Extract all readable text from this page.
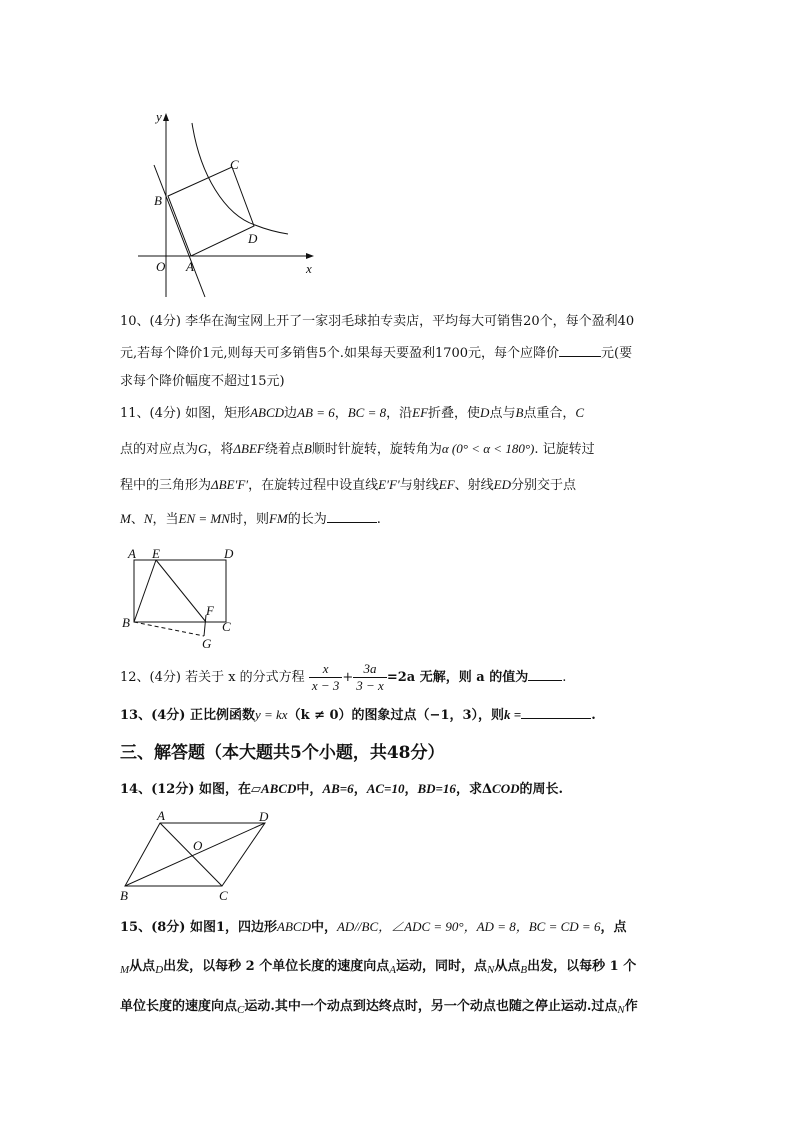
y
x
O A
B
C
D
10、(4分) 李华在淘宝网上开了一家羽毛球拍专卖店，平均每大可销售20个，每个盈利40
元,若每个降价1元,则每天可多销售5个.如果每天要盈利1700元，每个应降价	元(要
求每个降价幅度不超过15元)
11、(4分) 如图，矩形ABCD边AB = 6，BC = 8，沿EF折叠，使D点与B点重合，C
点的对应点为G，将ΔBEF绕着点B顺时针旋转，旋转角为α (0° < α < 180°). 记旋转过
程中的三角形为ΔBE′F′，在旋转过程中设直线E′F′与射线EF、射线ED分别交于点
M、N，当EN = MN时，则FM的长为	.
A E	D
B
F
C
G
12、(4分) 若关于 x 的分式方程 $\frac{x}{x - 3} + \frac{3a}{3 - x} =2a$ 无解，则 a 的值为	.
13、(4分) 正比例函数y = kx（k ≠ 0）的图象过点（−1，3），则k =	.
三、解答题（本大题共5个小题，共48分）
14、(12分) 如图，在▱ABCD中，AB=6，AC=10，BD=16，求ΔCOD的周长.
A	D
O
B	C
15、(8分) 如图1，四边形ABCD中，AD//BC，∠ADC = 90°，AD = 8，BC = CD = 6，点
$_M$从点$_D$出发，以每秒 2 个单位长度的速度向点$_A$运动，同时，点$_N$从点$_B$出发，以每秒 1 个
单位长度的速度向点$_C$运动.其中一个动点到达终点时，另一个动点也随之停止运动.过点$_N$作
